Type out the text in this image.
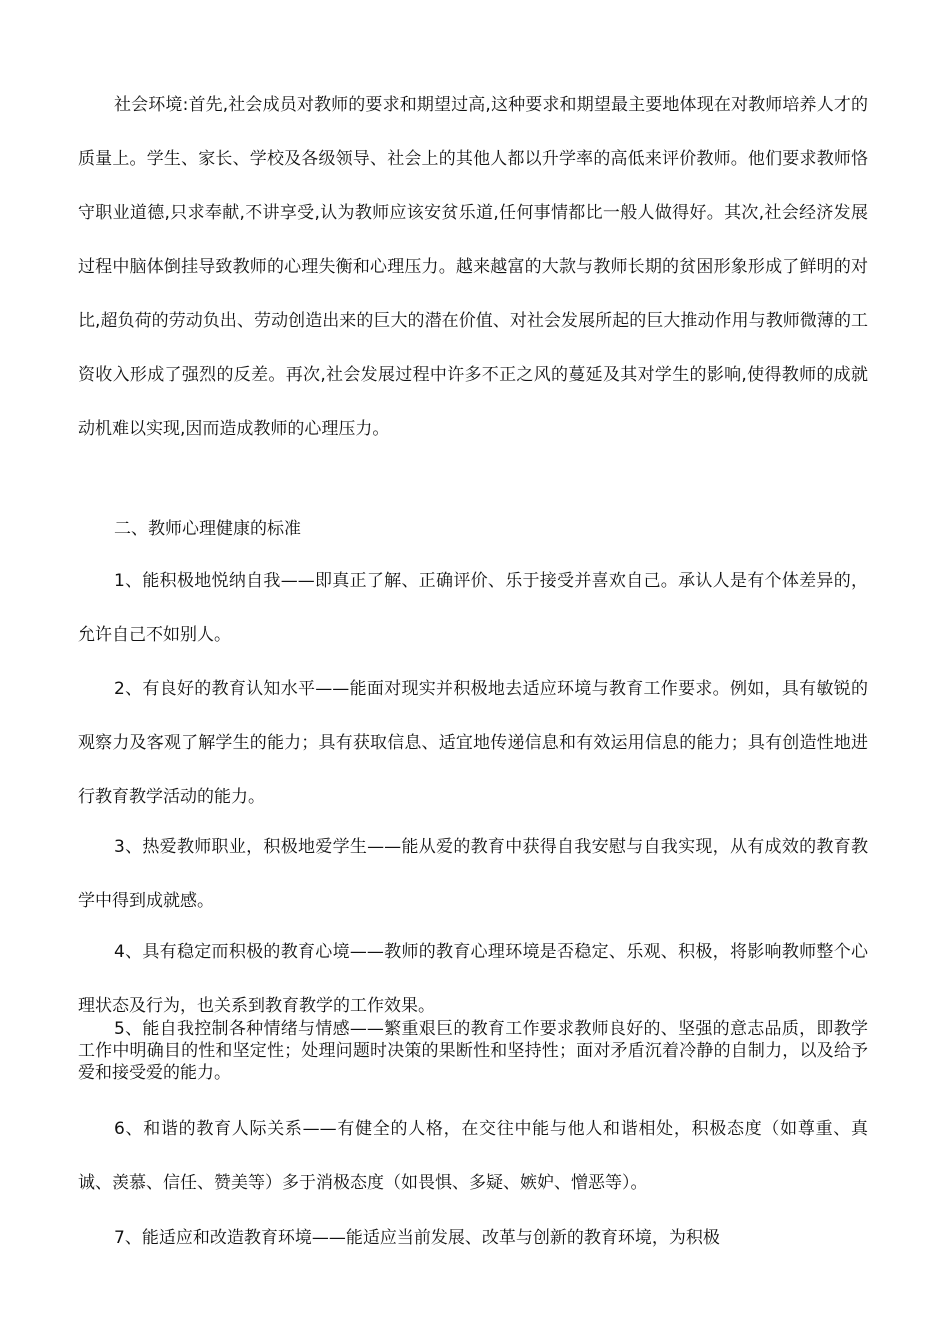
社会环境:首先,社会成员对教师的要求和期望过高,这种要求和期望最主要地体现在对教师培养人才的质量上。学生、家长、学校及各级领导、社会上的其他人都以升学率的高低来评价教师。他们要求教师恪守职业道德,只求奉献,不讲享受,认为教师应该安贫乐道,任何事情都比一般人做得好。其次,社会经济发展过程中脑体倒挂导致教师的心理失衡和心理压力。越来越富的大款与教师长期的贫困形象形成了鲜明的对比,超负荷的劳动负出、劳动创造出来的巨大的潜在价值、对社会发展所起的巨大推动作用与教师微薄的工资收入形成了强烈的反差。再次,社会发展过程中许多不正之风的蔓延及其对学生的影响,使得教师的成就动机难以实现,因而造成教师的心理压力。

二、教师心理健康的标准

1、能积极地悦纳自我——即真正了解、正确评价、乐于接受并喜欢自己。承认人是有个体差异的，允许自己不如别人。

2、有良好的教育认知水平——能面对现实并积极地去适应环境与教育工作要求。例如，具有敏锐的观察力及客观了解学生的能力；具有获取信息、适宜地传递信息和有效运用信息的能力；具有创造性地进行教育教学活动的能力。

3、热爱教师职业，积极地爱学生——能从爱的教育中获得自我安慰与自我实现，从有成效的教育教学中得到成就感。

4、具有稳定而积极的教育心境——教师的教育心理环境是否稳定、乐观、积极，将影响教师整个心理状态及行为，也关系到教育教学的工作效果。

5、能自我控制各种情绪与情感——繁重艰巨的教育工作要求教师良好的、坚强的意志品质，即教学工作中明确目的性和坚定性；处理问题时决策的果断性和坚持性；面对矛盾沉着冷静的自制力，以及给予爱和接受爱的能力。

6、和谐的教育人际关系——有健全的人格，在交往中能与他人和谐相处，积极态度（如尊重、真诚、羡慕、信任、赞美等）多于消极态度（如畏惧、多疑、嫉妒、憎恶等）。

7、能适应和改造教育环境——能适应当前发展、改革与创新的教育环境，为积极
